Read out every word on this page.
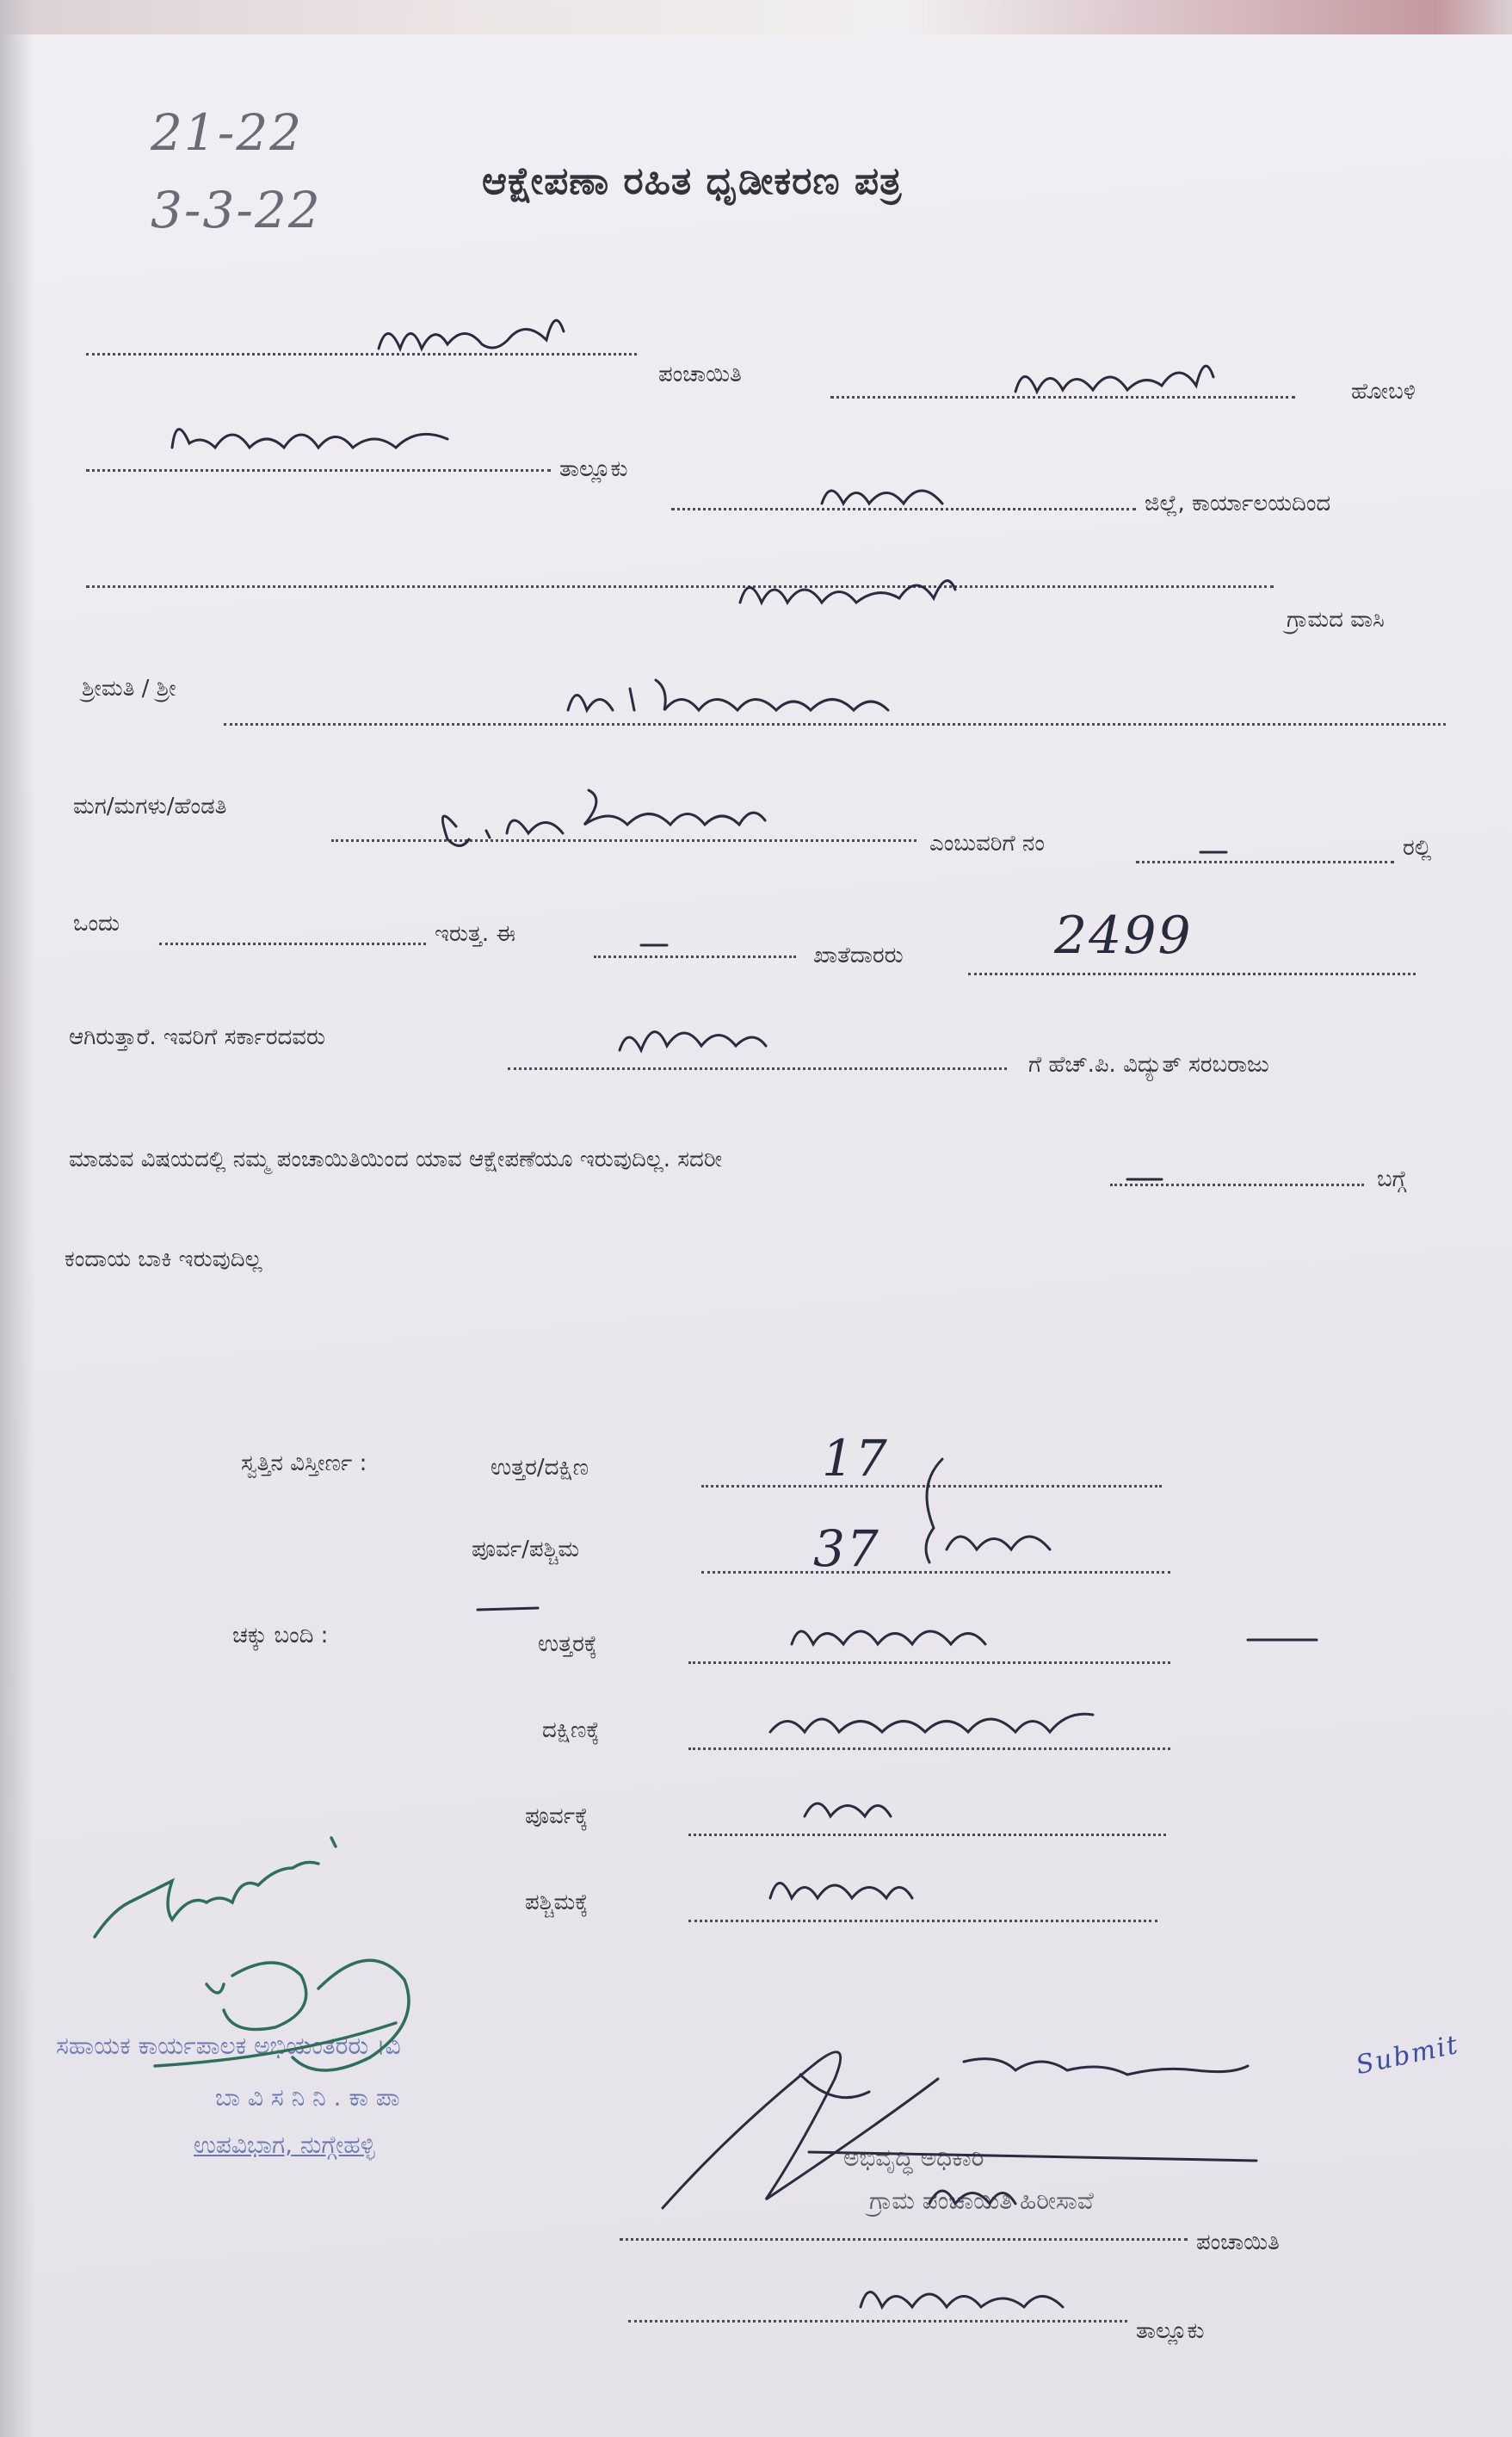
21-22
3-3-22	ಆಕ್ಷೇಪಣಾ ರಹಿತ ಧೃಡೀಕರಣ ಪತ್ರ
ಪಂಚಾಯಿತಿ
ಹೋಬಳಿ
ತಾಲ್ಲೂಕು
ಜಿಲ್ಲೆ, ಕಾರ್ಯಾಲಯದಿಂದ
ಗ್ರಾಮದ ವಾಸಿ
ಶ್ರೀಮತಿ / ಶ್ರೀ
ಮಗ/ಮಗಳು/ಹೆಂಡತಿ
ಎಂಬುವರಿಗೆ ನಂ	ರಲ್ಲಿ
ಒಂದು	ಇರುತ್ತ. ಈ
ಖಾತೆದಾರರು	2499
ಆಗಿರುತ್ತಾರೆ. ಇವರಿಗೆ ಸರ್ಕಾರದವರು
ಗೆ ಹೆಚ್.ಪಿ. ವಿದ್ಯುತ್ ಸರಬರಾಜು
ಮಾಡುವ ವಿಷಯದಲ್ಲಿ ನಮ್ಮ ಪಂಚಾಯಿತಿಯಿಂದ ಯಾವ ಆಕ್ಷೇಪಣೆಯೂ ಇರುವುದಿಲ್ಲ. ಸದರೀ
ಬಗ್ಗೆ
ಕಂದಾಯ ಬಾಕಿ ಇರುವುದಿಲ್ಲ
ಸ್ವತ್ತಿನ ವಿಸ್ತೀರ್ಣ :	ಉತ್ತರ/ದಕ್ಷಿಣ	17
ಪೂರ್ವ/ಪಶ್ಚಿಮ	37
ಚಕ್ಕು ಬಂದಿ :	ಉತ್ತರಕ್ಕೆ
ದಕ್ಷಿಣಕ್ಕೆ
ಪೂರ್ವಕ್ಕೆ
ಪಶ್ಚಿಮಕ್ಕೆ
ಸಹಾಯಕ ಕಾರ್ಯಪಾಲಕ ಅಭಿಯಂತರರು ।ವಿ
ಬಾ ವಿ ಸ ನಿ ನಿ . ಕಾ ಪಾ
ಉಪವಿಭಾಗ, ನುಗ್ಗೇಹಳ್ಳಿ	ಅಭಿವೃದ್ಧಿ ಅಧಿಕಾರಿ
ಗ್ರಾಮ ಪಂಚಾಯಿತಿ ಹಿರೀಸಾವೆ
ಪಂಚಾಯಿತಿ
ತಾಲ್ಲೂಕು
Submit
